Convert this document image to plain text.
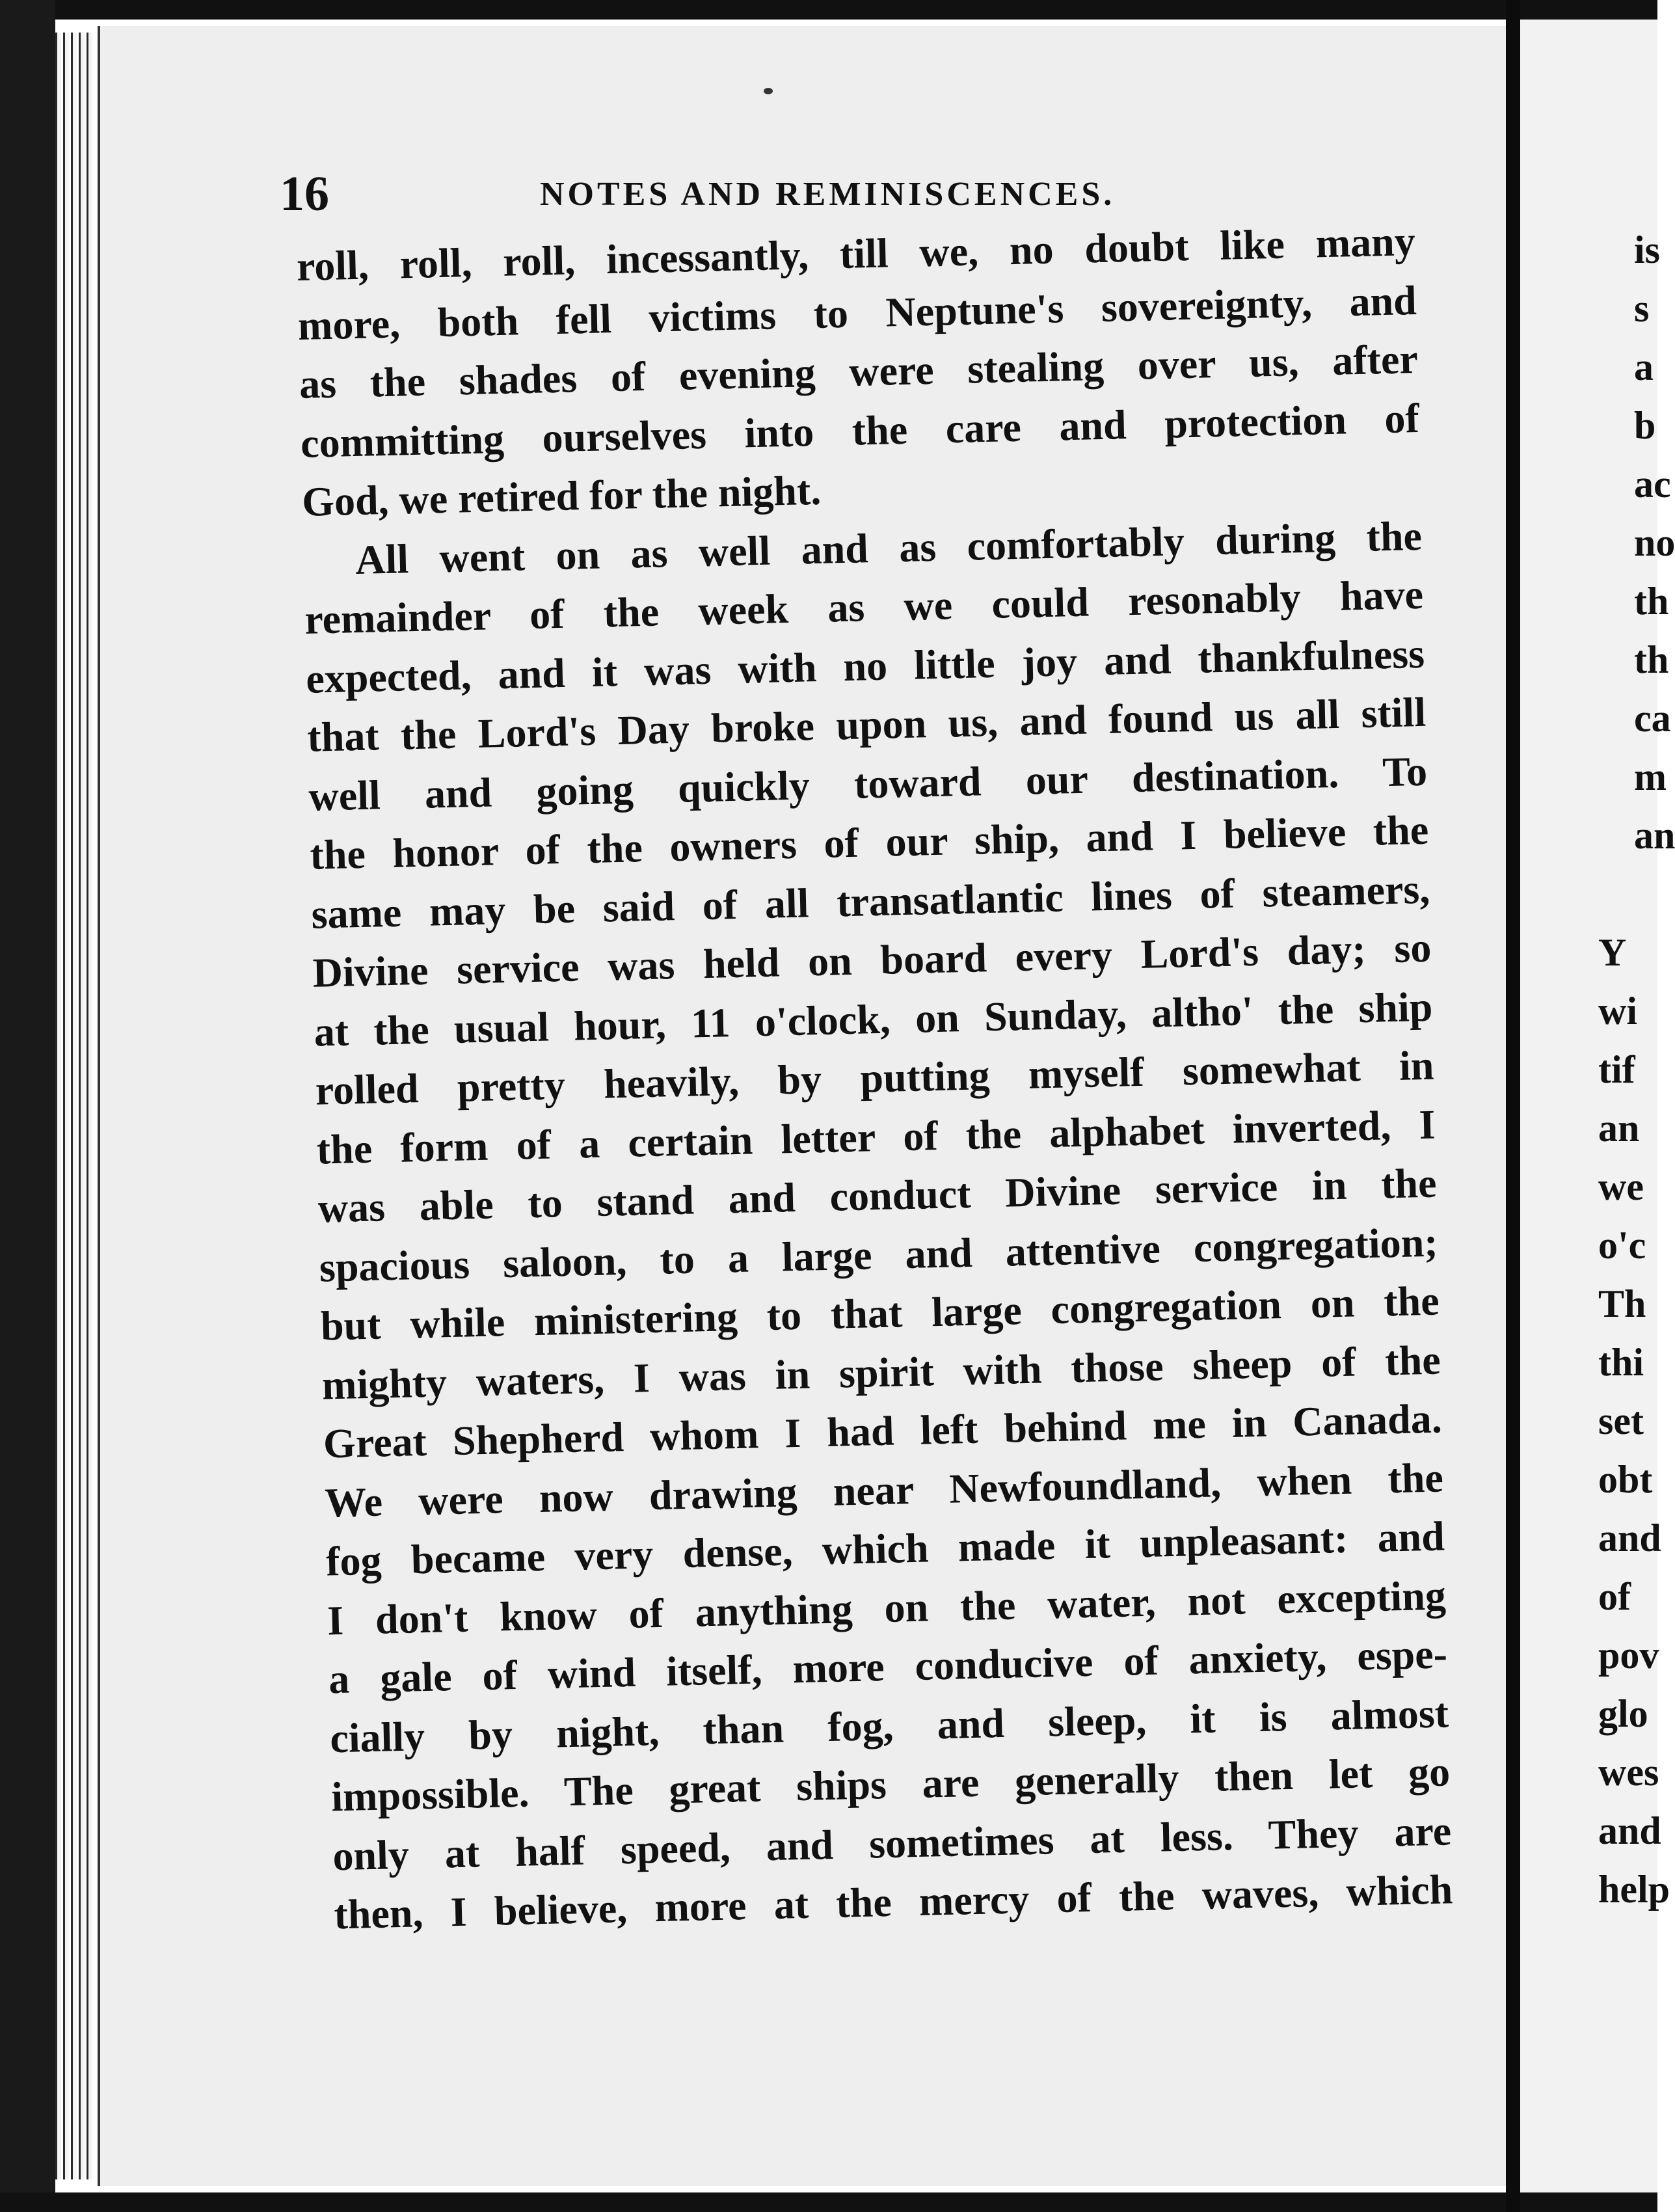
16	NOTES AND REMINISCENCES.
roll, roll, roll, incessantly, till we, no doubt like many
more, both fell victims to Neptune's sovereignty, and
as the shades of evening were stealing over us, after
committing ourselves into the care and protection of
God, we retired for the night.
All went on as well and as comfortably during the
remainder of the week as we could resonably have
expected, and it was with no little joy and thankfulness
that the Lord's Day broke upon us, and found us all still
well and going quickly toward our destination. To
the honor of the owners of our ship, and I believe the
same may be said of all transatlantic lines of steamers,
Divine service was held on board every Lord's day; so
at the usual hour, 11 o'clock, on Sunday, altho' the ship
rolled pretty heavily, by putting myself somewhat in
the form of a certain letter of the alphabet inverted, I
was able to stand and conduct Divine service in the
spacious saloon, to a large and attentive congregation;
but while ministering to that large congregation on the
mighty waters, I was in spirit with those sheep of the
Great Shepherd whom I had left behind me in Canada.
We were now drawing near Newfoundland, when the
fog became very dense, which made it unpleasant: and
I don't know of anything on the water, not excepting
a gale of wind itself, more conducive of anxiety, espe-
cially by night, than fog, and sleep, it is almost
impossible. The great ships are generally then let go
only at half speed, and sometimes at less. They are
then, I believe, more at the mercy of the waves, which
is
s
a
b
ac
no
th
th
ca
m
an
Y
wi
tif
an
we
o'c
Th
thi
set
obt
and
of
pov
glo
wes
and
help
